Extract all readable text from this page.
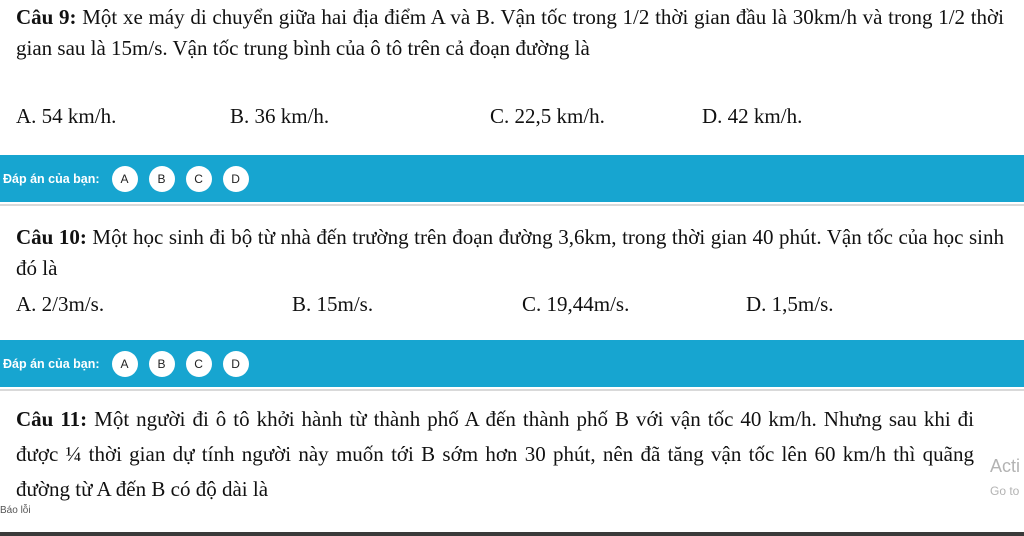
Câu 9: Một xe máy di chuyển giữa hai địa điểm A và B. Vận tốc trong 1/2 thời gian đầu là 30km/h và trong 1/2 thời gian sau là 15m/s. Vận tốc trung bình của ô tô trên cả đoạn đường là

A. 54 km/h.	B. 36 km/h.	C. 22,5 km/h.	D. 42 km/h.
Đáp án của bạn:	A	B	C	D

Câu 10: Một học sinh đi bộ từ nhà đến trường trên đoạn đường 3,6km, trong thời gian 40 phút. Vận tốc của học sinh đó là

A. 2/3m/s.	B. 15m/s.	C. 19,44m/s.	D. 1,5m/s.
Đáp án của bạn:	A	B	C	D

Câu 11: Một người đi ô tô khởi hành từ thành phố A đến thành phố B với vận tốc 40 km/h. Nhưng sau khi đi được ¼ thời gian dự tính người này muốn tới B sớm hơn 30 phút, nên đã tăng vận tốc lên 60 km/h thì quãng đường từ A đến B có độ dài là

Acti
Go to
Báo lỗi
